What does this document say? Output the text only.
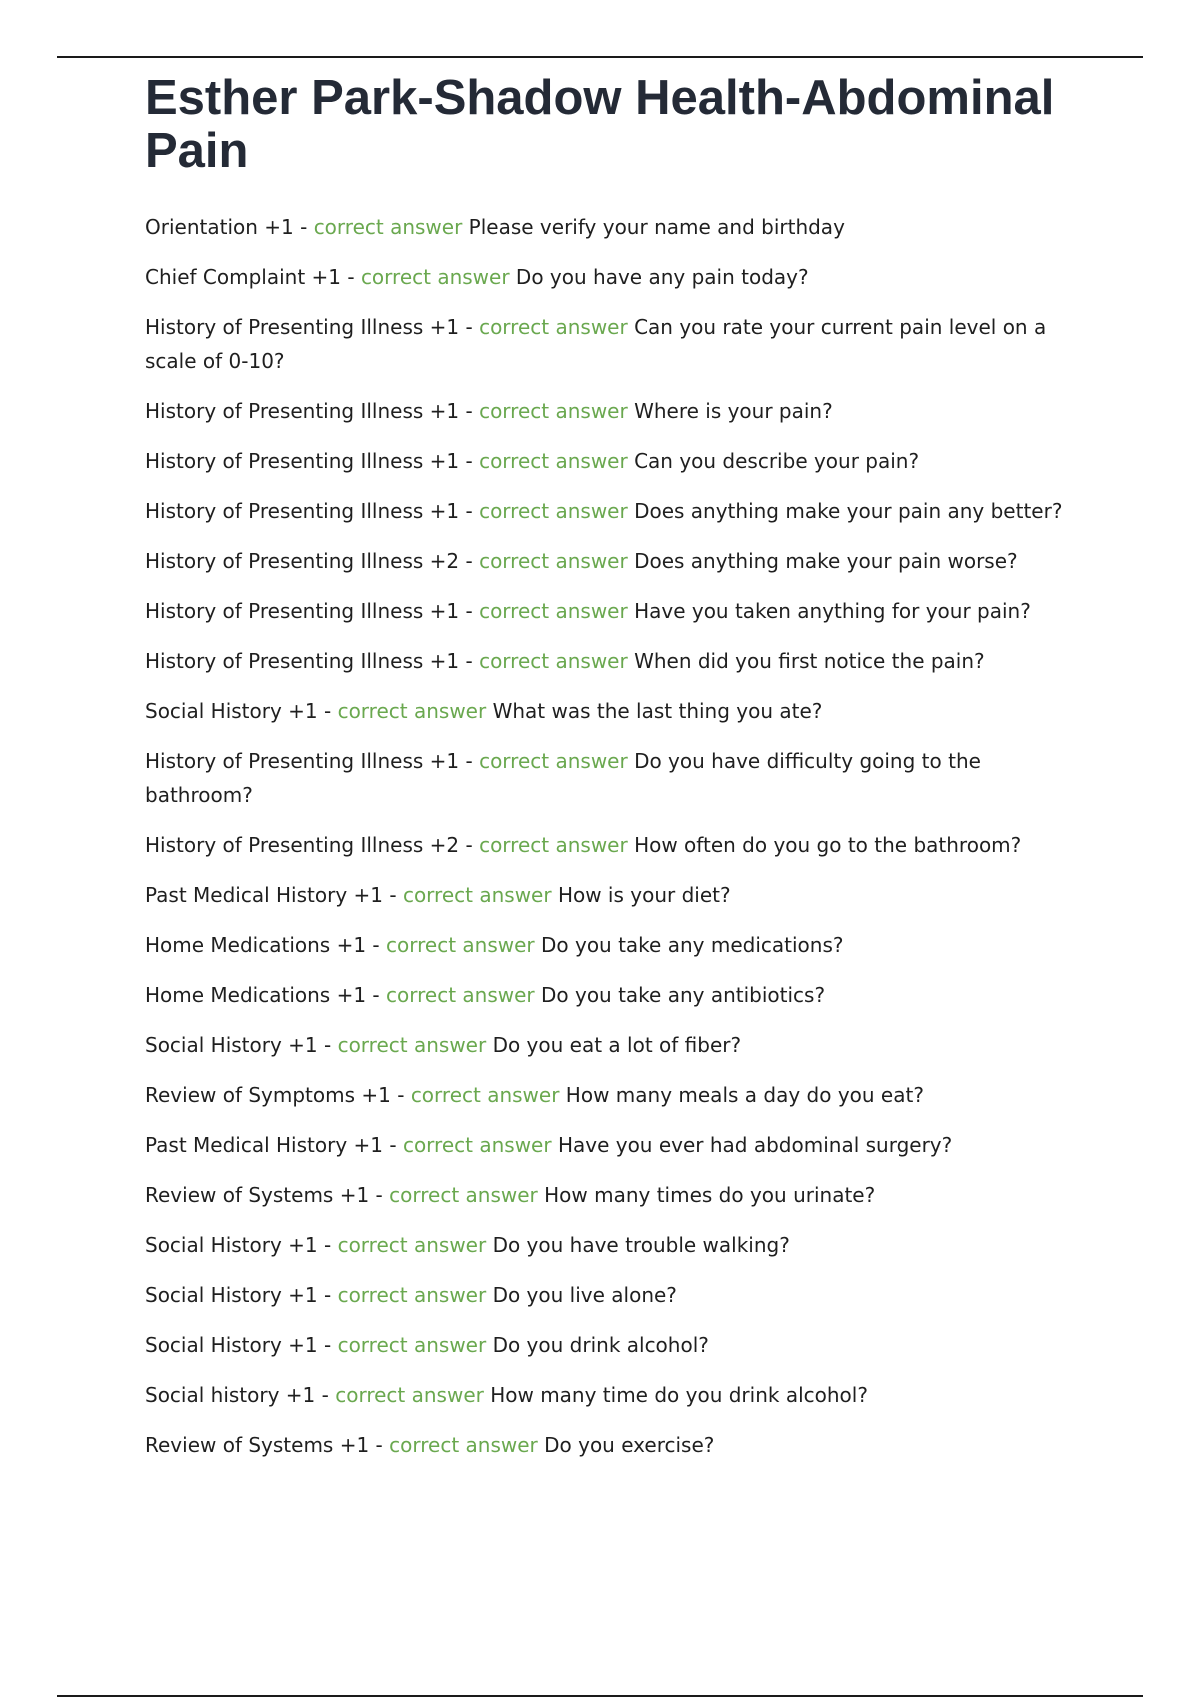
Esther Park-Shadow Health-Abdominal Pain
Orientation +1 - correct answer Please verify your name and birthday
Chief Complaint +1 - correct answer Do you have any pain today?
History of Presenting Illness +1 - correct answer Can you rate your current pain level on a scale of 0-10?
History of Presenting Illness +1 - correct answer Where is your pain?
History of Presenting Illness +1 - correct answer Can you describe your pain?
History of Presenting Illness +1 - correct answer Does anything make your pain any better?
History of Presenting Illness +2 - correct answer Does anything make your pain worse?
History of Presenting Illness +1 - correct answer Have you taken anything for your pain?
History of Presenting Illness +1 - correct answer When did you first notice the pain?
Social History +1 - correct answer What was the last thing you ate?
History of Presenting Illness +1 - correct answer Do you have difficulty going to the bathroom?
History of Presenting Illness +2 - correct answer How often do you go to the bathroom?
Past Medical History +1 - correct answer How is your diet?
Home Medications +1 - correct answer Do you take any medications?
Home Medications +1 - correct answer Do you take any antibiotics?
Social History +1 - correct answer Do you eat a lot of fiber?
Review of Symptoms +1 - correct answer How many meals a day do you eat?
Past Medical History +1 - correct answer Have you ever had abdominal surgery?
Review of Systems +1 - correct answer How many times do you urinate?
Social History +1 - correct answer Do you have trouble walking?
Social History +1 - correct answer Do you live alone?
Social History +1 - correct answer Do you drink alcohol?
Social history +1 - correct answer How many time do you drink alcohol?
Review of Systems +1 - correct answer Do you exercise?
